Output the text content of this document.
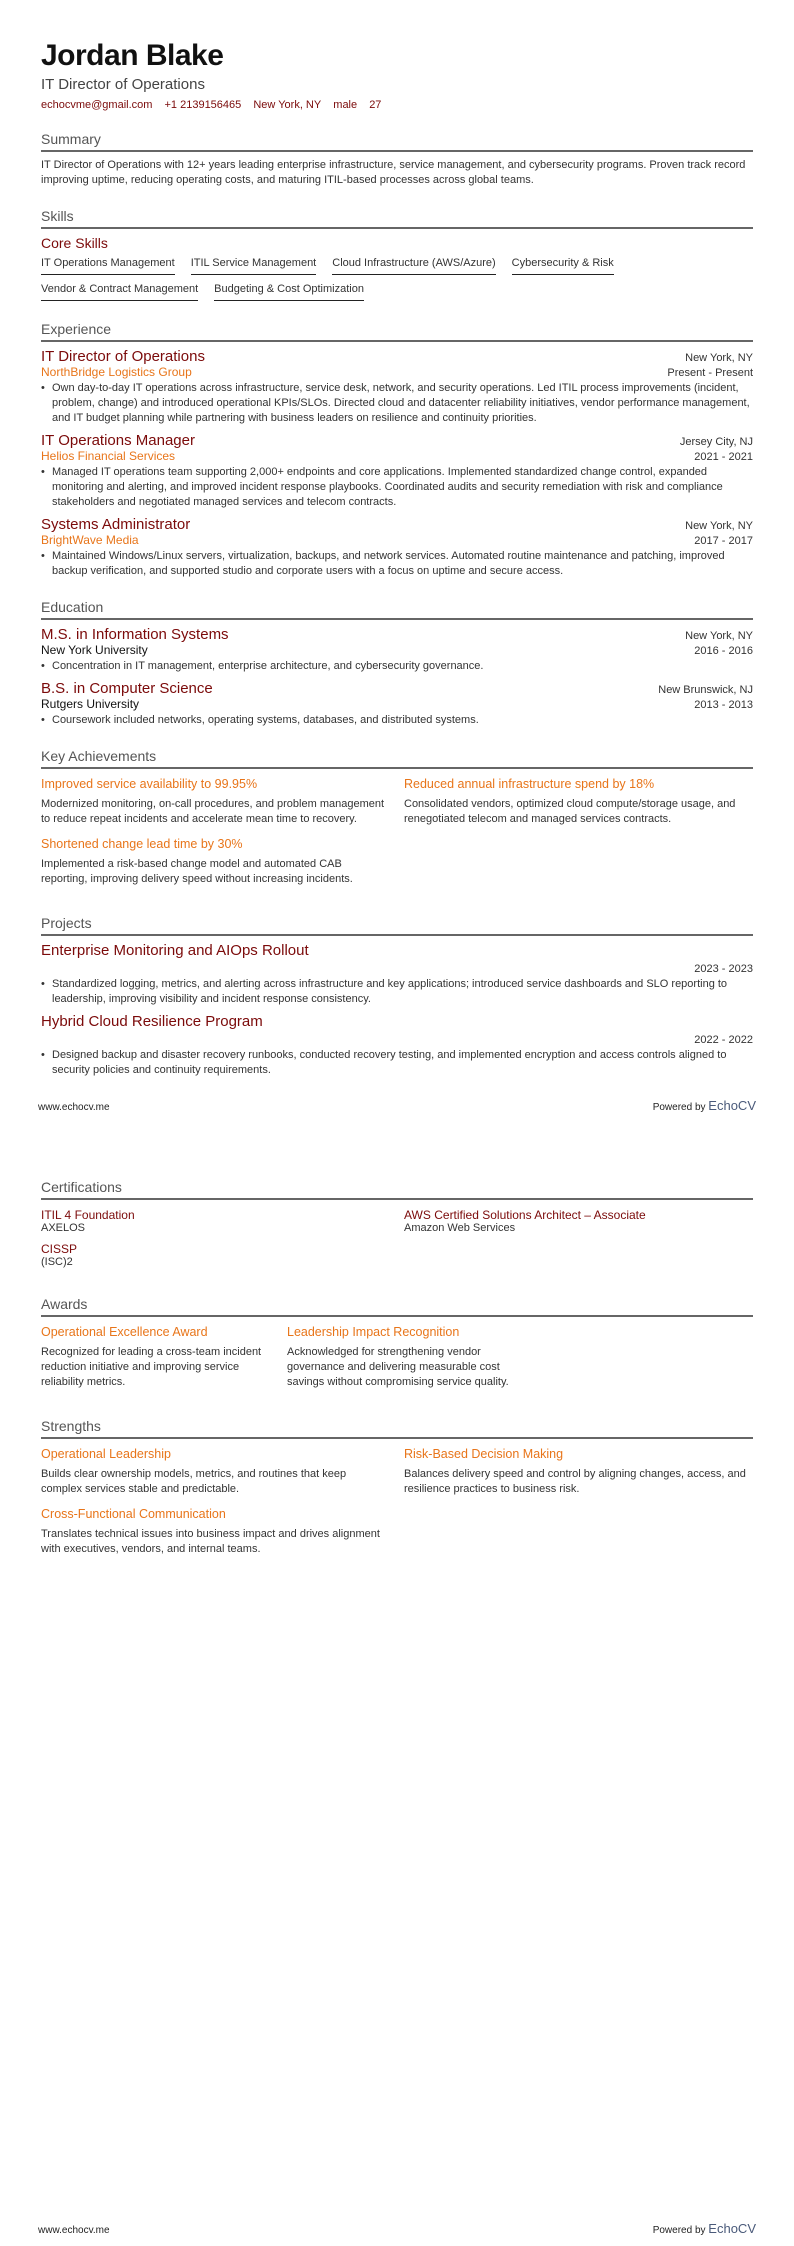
Jordan Blake
IT Director of Operations
echocvme@gmail.com +1 2139156465 New York, NY male 27
Summary

IT Director of Operations with 12+ years leading enterprise infrastructure, service management, and cybersecurity programs. Proven track record improving uptime, reducing operating costs, and maturing ITIL-based processes across global teams.

Skills
Core Skills
IT Operations Management ITIL Service Management Cloud Infrastructure (AWS/Azure) Cybersecurity & Risk
Vendor & Contract Management Budgeting & Cost Optimization
Experience
IT Director of Operations	New York, NY
NorthBridge Logistics Group	Present - Present
• Own day-to-day IT operations across infrastructure, service desk, network, and security operations. Led ITIL process improvements (incident, problem, change) and introduced operational KPIs/SLOs. Directed cloud and datacenter reliability initiatives, vendor performance management, and IT budget planning while partnering with business leaders on resilience and continuity priorities.
IT Operations Manager	Jersey City, NJ
Helios Financial Services	2021 - 2021
• Managed IT operations team supporting 2,000+ endpoints and core applications. Implemented standardized change control, expanded monitoring and alerting, and improved incident response playbooks. Coordinated audits and security remediation with risk and compliance stakeholders and negotiated managed services and telecom contracts.
Systems Administrator	New York, NY
BrightWave Media	2017 - 2017
• Maintained Windows/Linux servers, virtualization, backups, and network services. Automated routine maintenance and patching, improved backup verification, and supported studio and corporate users with a focus on uptime and secure access.
Education
M.S. in Information Systems	New York, NY
New York University	2016 - 2016
• Concentration in IT management, enterprise architecture, and cybersecurity governance.
B.S. in Computer Science	New Brunswick, NJ
Rutgers University	2013 - 2013
• Coursework included networks, operating systems, databases, and distributed systems.
Key Achievements
Improved service availability to 99.95%

Modernized monitoring, on-call procedures, and problem management to reduce repeat incidents and accelerate mean time to recovery.

Reduced annual infrastructure spend by 18%

Consolidated vendors, optimized cloud compute/storage usage, and renegotiated telecom and managed services contracts.

Shortened change lead time by 30%

Implemented a risk-based change model and automated CAB reporting, improving delivery speed without increasing incidents.

Projects
Enterprise Monitoring and AIOps Rollout
2023 - 2023
• Standardized logging, metrics, and alerting across infrastructure and key applications; introduced service dashboards and SLO reporting to leadership, improving visibility and incident response consistency.
Hybrid Cloud Resilience Program
2022 - 2022
• Designed backup and disaster recovery runbooks, conducted recovery testing, and implemented encryption and access controls aligned to security policies and continuity requirements.
www.echocv.me	Powered by EchoCV
Certifications
ITIL 4 Foundation
AXELOS
AWS Certified Solutions Architect – Associate
Amazon Web Services
CISSP
(ISC)2
Awards
Operational Excellence Award

Recognized for leading a cross-team incident reduction initiative and improving service reliability metrics.

Leadership Impact Recognition

Acknowledged for strengthening vendor governance and delivering measurable cost savings without compromising service quality.

Strengths
Operational Leadership

Builds clear ownership models, metrics, and routines that keep complex services stable and predictable.

Risk-Based Decision Making

Balances delivery speed and control by aligning changes, access, and resilience practices to business risk.

Cross-Functional Communication

Translates technical issues into business impact and drives alignment with executives, vendors, and internal teams.

www.echocv.me	Powered by EchoCV
